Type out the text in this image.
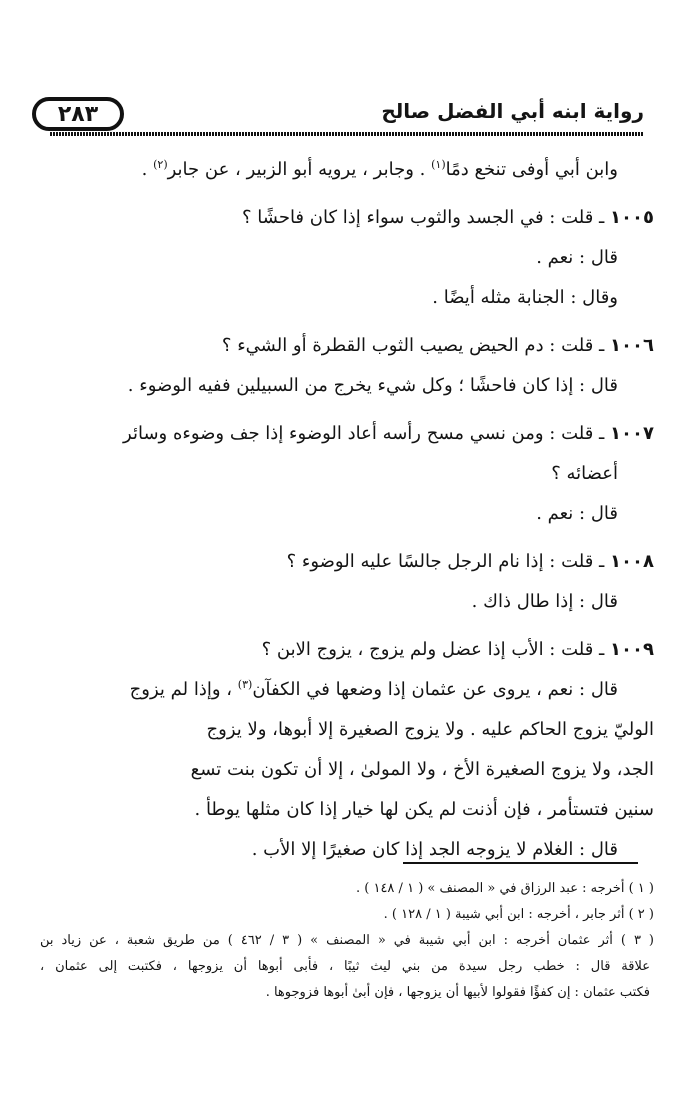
٢٨٣	رواية ابنه أبي الفضل صالح
وابن أبي أوفى تنخع دمًا$^{(١)}$ . وجابر ، يرويه أبو الزبير ، عن جابر$^{(٢)}$ .
١٠٠٥ ـ قلت : في الجسد والثوب سواء إذا كان فاحشًا ؟
قال : نعم .
وقال : الجنابة مثله أيضًا .
١٠٠٦ ـ قلت : دم الحيض يصيب الثوب القطرة أو الشيء ؟
قال : إذا كان فاحشًا ؛ وكل شيء يخرج من السبيلين ففيه الوضوء .
١٠٠٧ ـ قلت : ومن نسي مسح رأسه أعاد الوضوء إذا جف وضوءه وسائر
أعضائه ؟
قال : نعم .
١٠٠٨ ـ قلت : إذا نام الرجل جالسًا عليه الوضوء ؟
قال : إذا طال ذاك .
١٠٠٩ ـ قلت : الأب إذا عضل ولم يزوج ، يزوج الابن ؟
قال : نعم ، يروى عن عثمان إذا وضعها في الكفآن$^{(٣)}$ ، وإذا لم يزوج
الوليّ يزوج الحاكم عليه . ولا يزوج الصغيرة إلا أبوها، ولا يزوج
الجد، ولا يزوج الصغيرة الأخ ، ولا المولىٰ ، إلا أن تكون بنت تسع
سنين فتستأمر ، فإن أذنت لم يكن لها خيار إذا كان مثلها يوطأ .
قال : الغلام لا يزوجه الجد إذا كان صغيرًا إلا الأب .
( ١ ) أخرجه : عبد الرزاق في « المصنف » ( ١ / ١٤٨ ) .
( ٢ ) أثر جابر ، أخرجه : ابن أبي شيبة ( ١ / ١٢٨ ) .
( ٣ ) أثر عثمان أخرجه : ابن أبي شيبة في « المصنف » ( ٣ / ٤٦٢ ) من طريق شعبة ، عن زياد بن
علاقة قال : خطب رجل سيدة من بني ليث ثيبًا ، فأبى أبوها أن يزوجها ، فكتبت إلى عثمان ،
فكتب عثمان : إن كفؤًا فقولوا لأبيها أن يزوجها ، فإن أبىٰ أبوها فزوجوها .
